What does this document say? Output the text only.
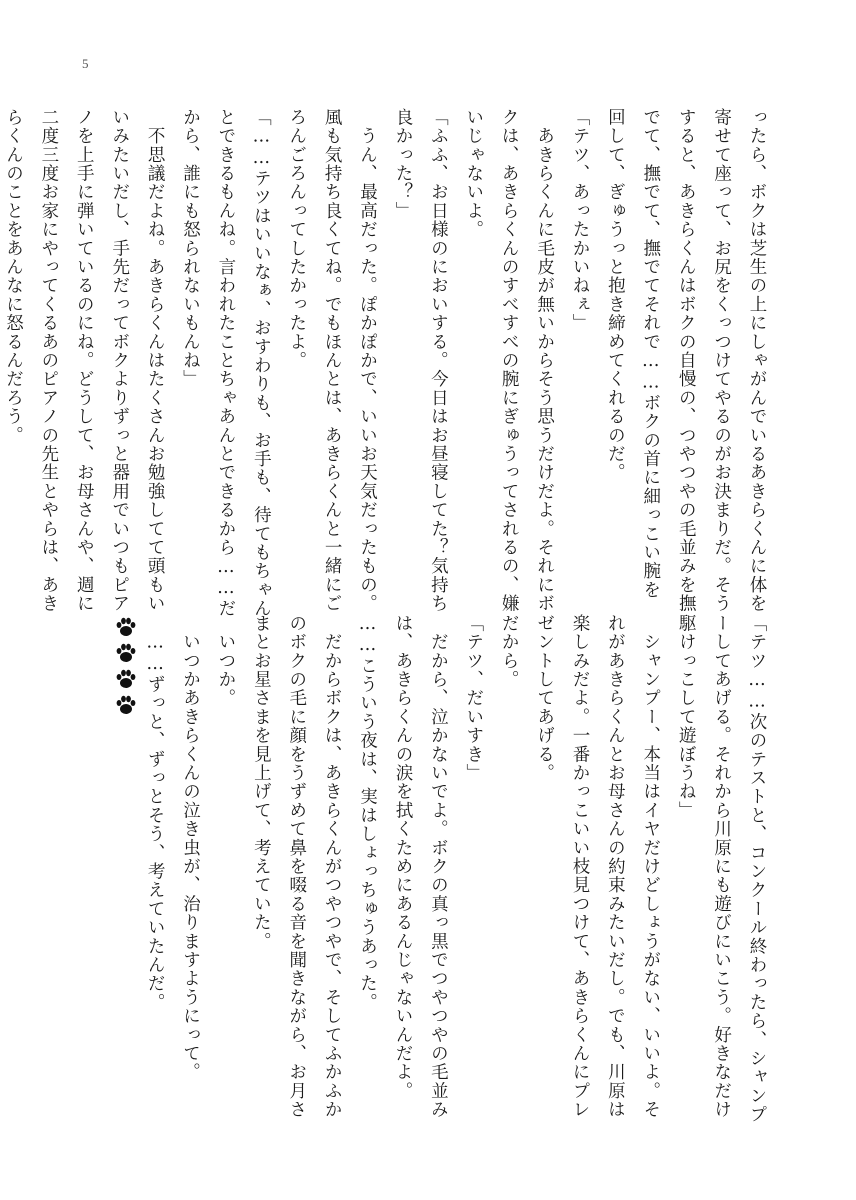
5
ったら、ボクは芝生の上にしゃがんでいるあきらくんに体を
寄せて座って、お尻をくっつけてやるのがお決まりだ。そう
すると、あきらくんはボクの自慢の、つやつやの毛並みを撫
でて、撫でて、撫でてそれで……ボクの首に細っこい腕を
回して、ぎゅうっと抱き締めてくれるのだ。
「テツ、あったかいねぇ」
　あきらくんに毛皮が無いからそう思うだけだよ。それにボ
クは、あきらくんのすべすべの腕にぎゅうってされるの、嫌
いじゃないよ。
「ふふ、お日様のにおいする。今日はお昼寝してた？気持ち
良かった？」
　うん、最高だった。ぽかぽかで、いいお天気だったもの。
風も気持ち良くてね。でもほんとは、あきらくんと一緒にご
ろんごろんってしたかったよ。
「……テツはいいなぁ、おすわりも、お手も、待てもちゃん
とできるもんね。言われたことちゃあんとできるから……だ
から、誰にも怒られないもんね」
　不思議だよね。あきらくんはたくさんお勉強してて頭もい
いみたいだし、手先だってボクよりずっと器用でいつもピア
ノを上手に弾いているのにね。どうして、お母さんや、週に
二度三度お家にやってくるあのピアノの先生とやらは、あき
らくんのことをあんなに怒るんだろう。
「テツ……次のテストと、コンクール終わったら、シャンプ
ーしてあげる。それから川原にも遊びにいこう。好きなだけ
駆けっこして遊ぼうね」
　シャンプー、本当はイヤだけどしょうがない、いいよ。そ
れがあきらくんとお母さんの約束みたいだし。でも、川原は
楽しみだよ。一番かっこいい枝見つけて、あきらくんにプレ
ゼントしてあげる。
だから。
「テツ、だいすき」
　だから、泣かないでよ。ボクの真っ黒でつやつやの毛並み
は、あきらくんの涙を拭くためにあるんじゃないんだよ。
……こういう夜は、実はしょっちゅうあった。
　だからボクは、あきらくんがつやつやで、そしてふかふか
のボクの毛に顔をうずめて鼻を啜る音を聞きながら、お月さ
まとお星さまを見上げて、考えていた。
　いつか。
　いつかあきらくんの泣き虫が、治りますようにって。
　……ずっと、ずっとそう、考えていたんだ。
